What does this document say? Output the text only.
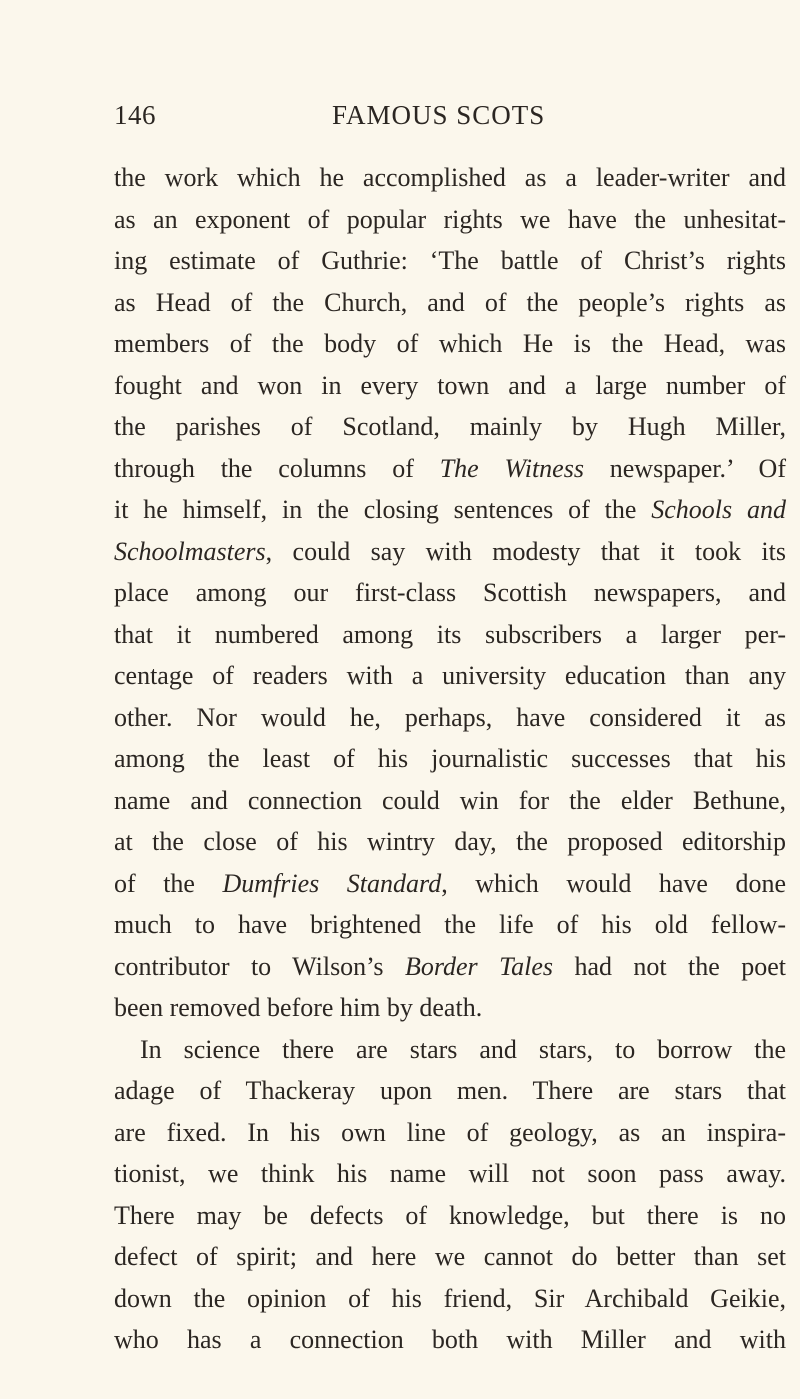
146	FAMOUS SCOTS
the work which he accomplished as a leader-writer and
as an exponent of popular rights we have the unhesitat-
ing estimate of Guthrie: ‘The battle of Christ’s rights
as Head of the Church, and of the people’s rights as
members of the body of which He is the Head, was
fought and won in every town and a large number of
the parishes of Scotland, mainly by Hugh Miller,
through the columns of The Witness newspaper.’ Of
it he himself, in the closing sentences of the Schools and
Schoolmasters, could say with modesty that it took its
place among our first-class Scottish newspapers, and
that it numbered among its subscribers a larger per-
centage of readers with a university education than any
other. Nor would he, perhaps, have considered it as
among the least of his journalistic successes that his
name and connection could win for the elder Bethune,
at the close of his wintry day, the proposed editorship
of the Dumfries Standard, which would have done
much to have brightened the life of his old fellow-
contributor to Wilson’s Border Tales had not the poet
been removed before him by death.
In science there are stars and stars, to borrow the
adage of Thackeray upon men. There are stars that
are fixed. In his own line of geology, as an inspira-
tionist, we think his name will not soon pass away.
There may be defects of knowledge, but there is no
defect of spirit; and here we cannot do better than set
down the opinion of his friend, Sir Archibald Geikie,
who has a connection both with Miller and with
